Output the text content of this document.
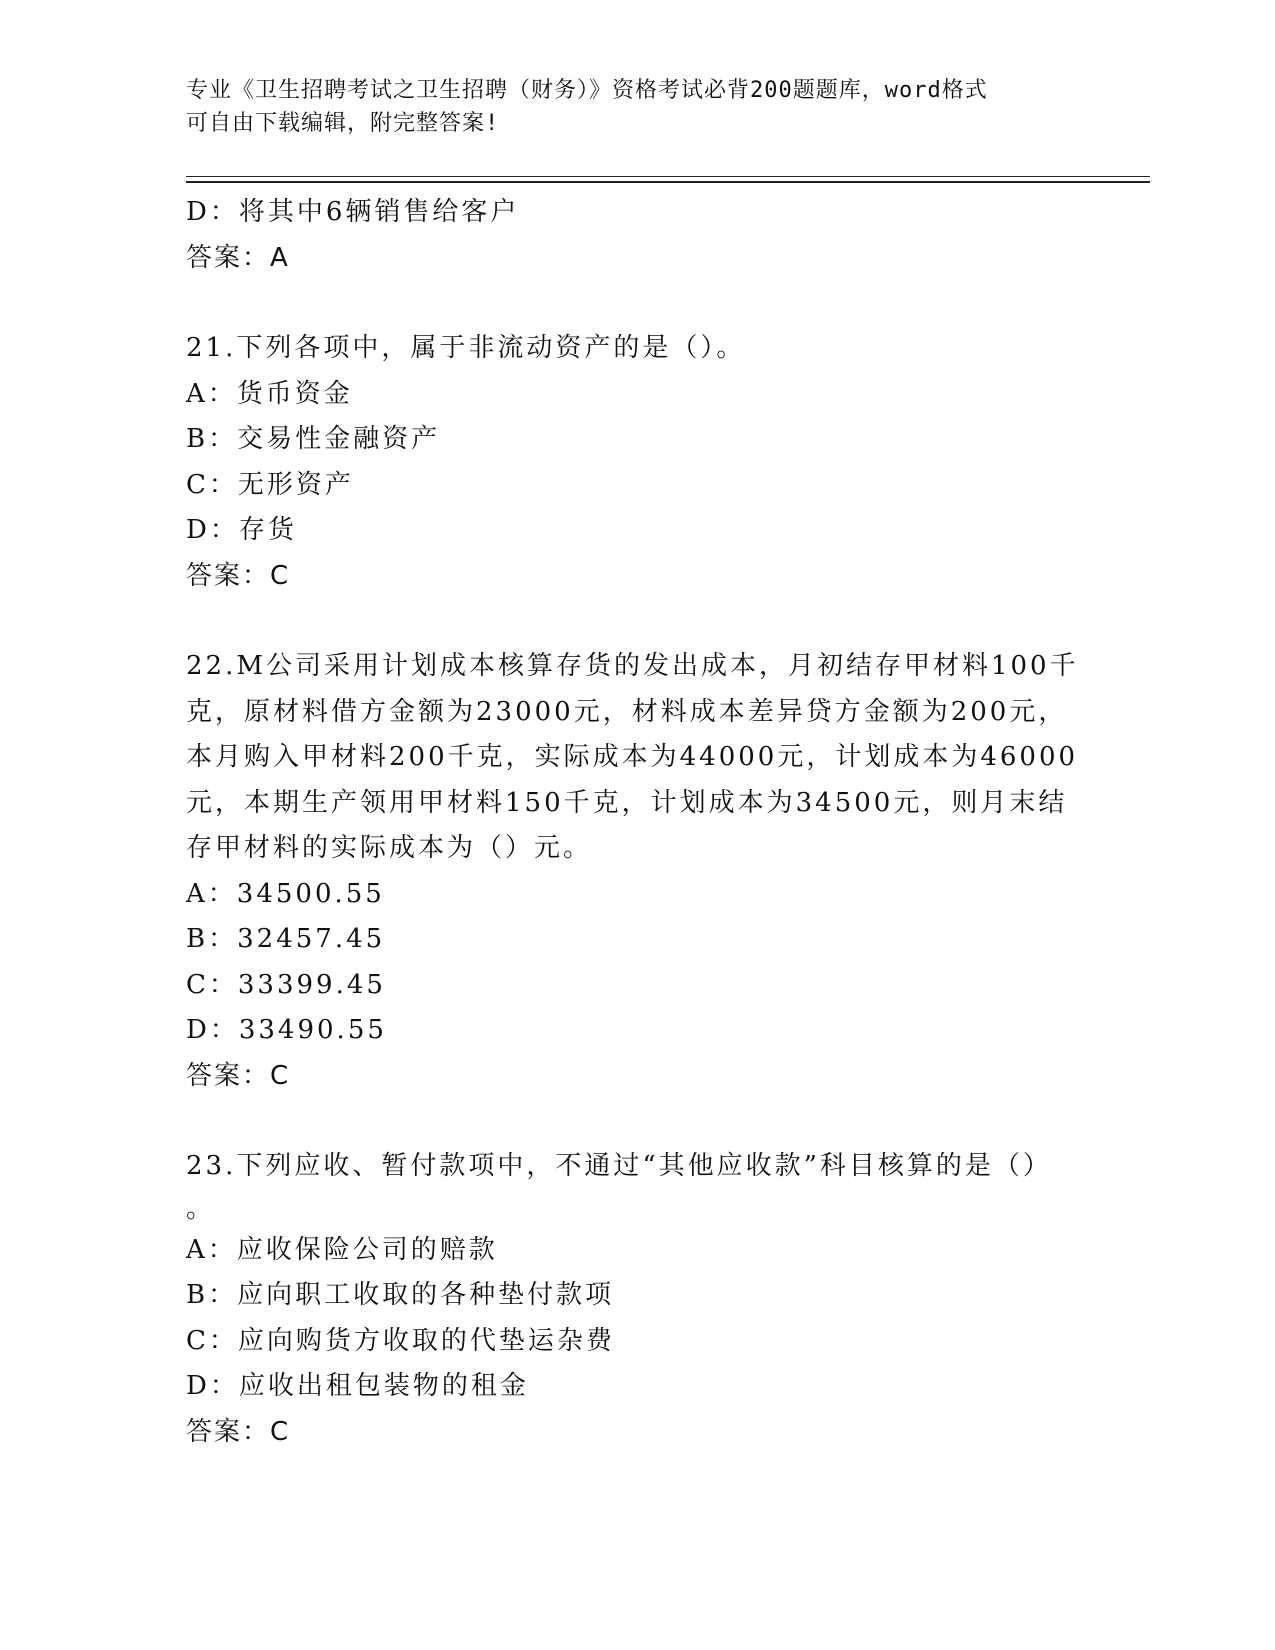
专业《卫生招聘考试之卫生招聘（财务）》资格考试必背200题题库，word格式
可自由下载编辑，附完整答案!
D：将其中6辆销售给客户
答案：A
21.下列各项中，属于非流动资产的是（）。
A：货币资金
B：交易性金融资产
C：无形资产
D：存货
答案：C
22.M公司采用计划成本核算存货的发出成本，月初结存甲材料100千
克，原材料借方金额为23000元，材料成本差异贷方金额为200元，
本月购入甲材料200千克，实际成本为44000元，计划成本为46000
元，本期生产领用甲材料150千克，计划成本为34500元，则月末结
存甲材料的实际成本为（）元。
A：34500.55
B：32457.45
C：33399.45
D：33490.55
答案：C
23.下列应收、暂付款项中，不通过“其他应收款”科目核算的是（）
。
A：应收保险公司的赔款
B：应向职工收取的各种垫付款项
C：应向购货方收取的代垫运杂费
D：应收出租包装物的租金
答案：C
